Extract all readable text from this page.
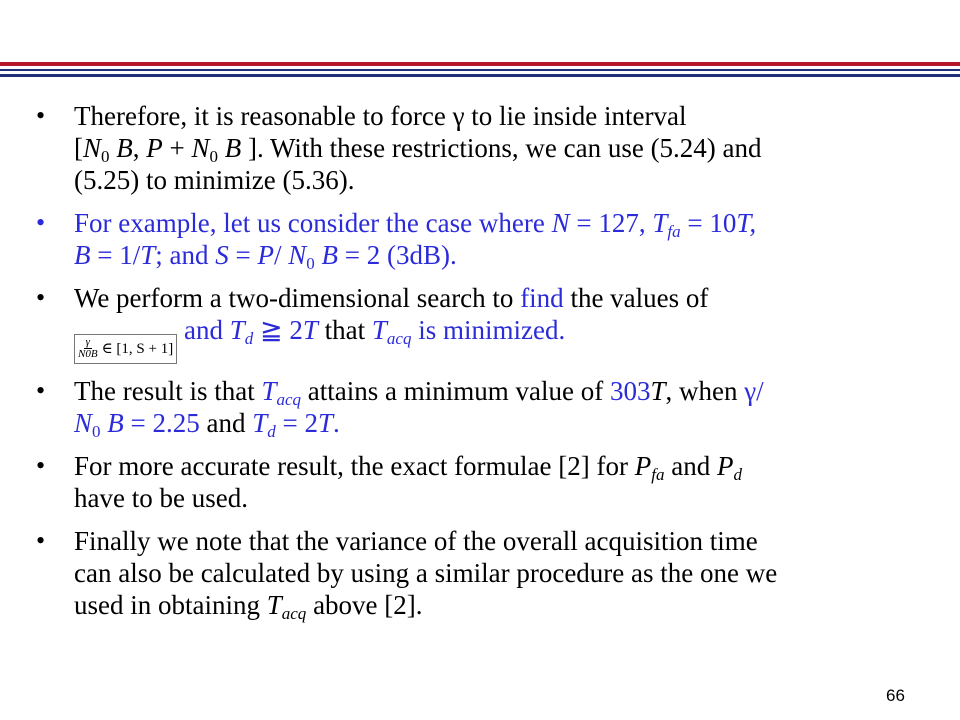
•	Therefore, it is reasonable to force γ to lie inside interval
[$N_0$ B, $P + N_0$ B ]. With these restrictions, we can use (5.24) and
(5.25) to minimize (5.36).
•	For example, let us consider the case where N = 127, $T_{fa} = 10T$,
B = 1/T; and S = P/ $N_0$ B = 2 (3dB).
•	We perform a two-dimensional search to find the values of

$\frac{\gamma}{N0B}$ ∈ [1, S + 1]
and $T_d$ ≧ 2T that $T_{acq}$ is minimized.
•	The result is that $T_{acq}$ attains a minimum value of 303T, when γ/
$N_0$ B = 2.25 and $T_d = 2T$.
•	For more accurate result, the exact formulae [2] for $P_{fa}$ and $P_d$
have to be used.
•	Finally we note that the variance of the overall acquisition time
can also be calculated by using a similar procedure as the one we
used in obtaining $T_{acq}$ above [2].
66
